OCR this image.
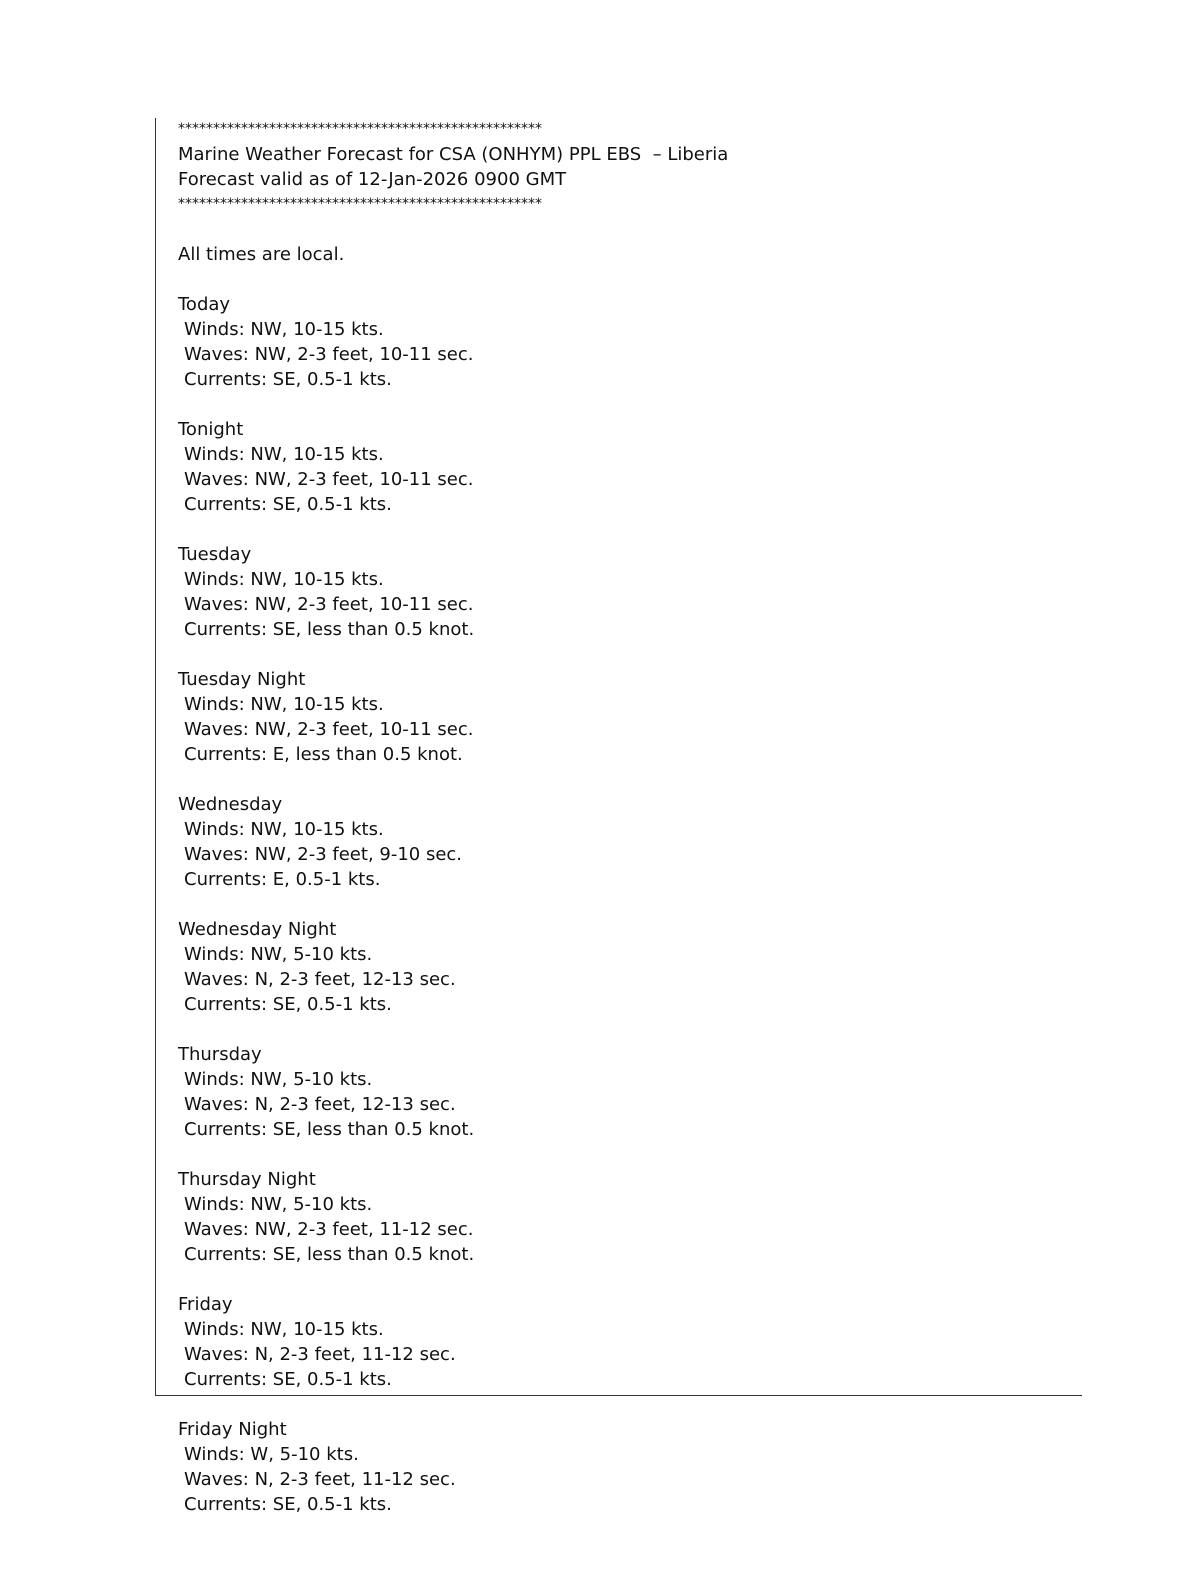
****************************************************
Marine Weather Forecast for CSA (ONHYM) PPL EBS  – Liberia
Forecast valid as of 12-Jan-2026 0900 GMT
****************************************************
All times are local.
Today
Winds: NW, 10-15 kts.
Waves: NW, 2-3 feet, 10-11 sec.
Currents: SE, 0.5-1 kts.
Tonight
Winds: NW, 10-15 kts.
Waves: NW, 2-3 feet, 10-11 sec.
Currents: SE, 0.5-1 kts.
Tuesday
Winds: NW, 10-15 kts.
Waves: NW, 2-3 feet, 10-11 sec.
Currents: SE, less than 0.5 knot.
Tuesday Night
Winds: NW, 10-15 kts.
Waves: NW, 2-3 feet, 10-11 sec.
Currents: E, less than 0.5 knot.
Wednesday
Winds: NW, 10-15 kts.
Waves: NW, 2-3 feet, 9-10 sec.
Currents: E, 0.5-1 kts.
Wednesday Night
Winds: NW, 5-10 kts.
Waves: N, 2-3 feet, 12-13 sec.
Currents: SE, 0.5-1 kts.
Thursday
Winds: NW, 5-10 kts.
Waves: N, 2-3 feet, 12-13 sec.
Currents: SE, less than 0.5 knot.
Thursday Night
Winds: NW, 5-10 kts.
Waves: NW, 2-3 feet, 11-12 sec.
Currents: SE, less than 0.5 knot.
Friday
Winds: NW, 10-15 kts.
Waves: N, 2-3 feet, 11-12 sec.
Currents: SE, 0.5-1 kts.
Friday Night
Winds: W, 5-10 kts.
Waves: N, 2-3 feet, 11-12 sec.
Currents: SE, 0.5-1 kts.
